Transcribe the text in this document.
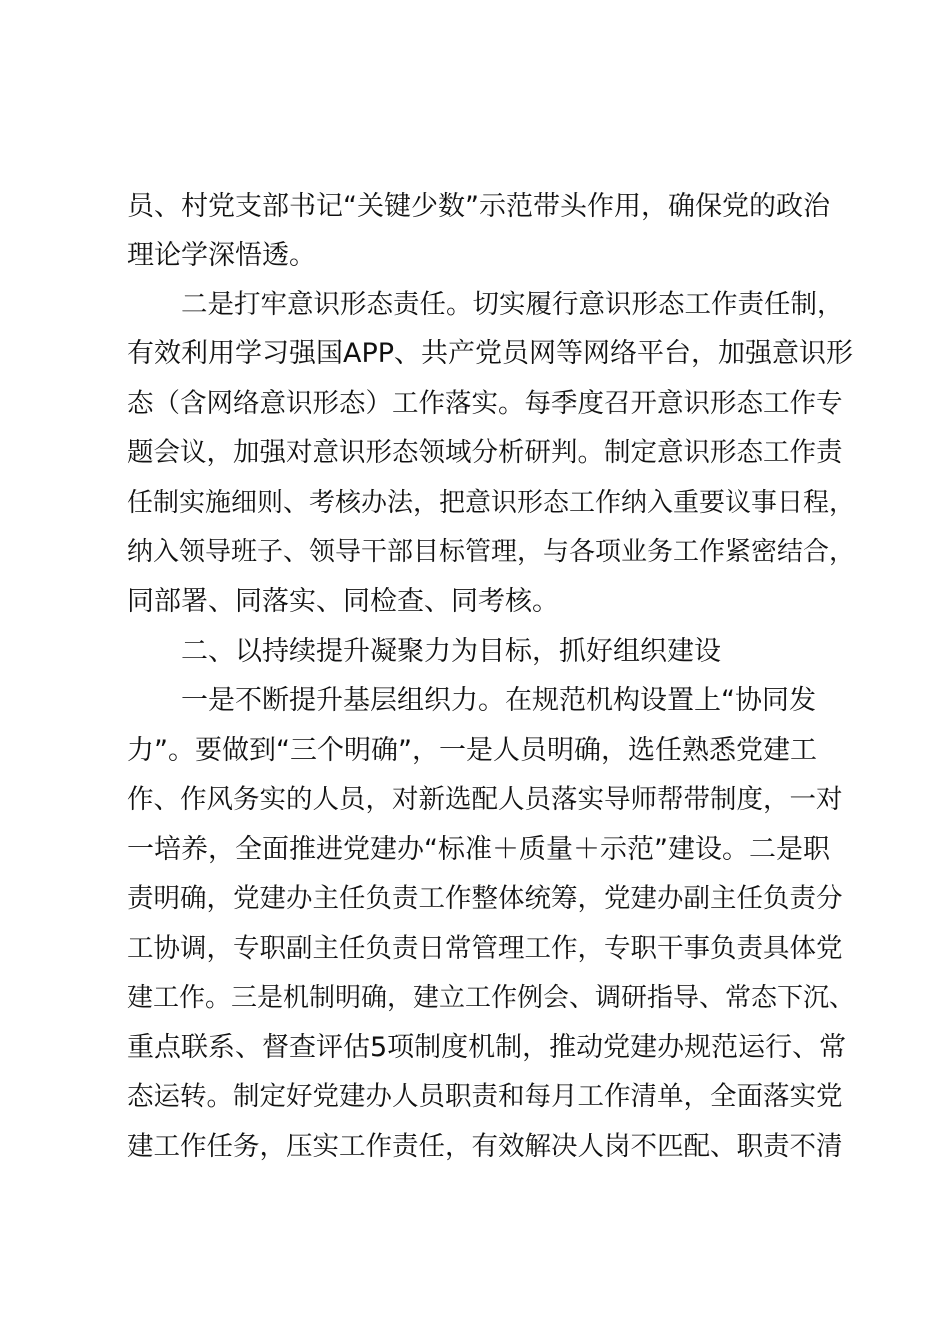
员、村党支部书记“关键少数”示范带头作用，确保党的政治
理论学深悟透。
二是打牢意识形态责任。切实履行意识形态工作责任制，
有效利用学习强国APP、共产党员网等网络平台，加强意识形
态（含网络意识形态）工作落实。每季度召开意识形态工作专
题会议，加强对意识形态领域分析研判。制定意识形态工作责
任制实施细则、考核办法，把意识形态工作纳入重要议事日程，
纳入领导班子、领导干部目标管理，与各项业务工作紧密结合，
同部署、同落实、同检查、同考核。
二、以持续提升凝聚力为目标，抓好组织建设
一是不断提升基层组织力。在规范机构设置上“协同发
力”。要做到“三个明确”，一是人员明确，选任熟悉党建工
作、作风务实的人员，对新选配人员落实导师帮带制度，一对
一培养，全面推进党建办“标准＋质量＋示范”建设。二是职
责明确，党建办主任负责工作整体统筹，党建办副主任负责分
工协调，专职副主任负责日常管理工作，专职干事负责具体党
建工作。三是机制明确，建立工作例会、调研指导、常态下沉、
重点联系、督查评估5项制度机制，推动党建办规范运行、常
态运转。制定好党建办人员职责和每月工作清单，全面落实党
建工作任务，压实工作责任，有效解决人岗不匹配、职责不清
